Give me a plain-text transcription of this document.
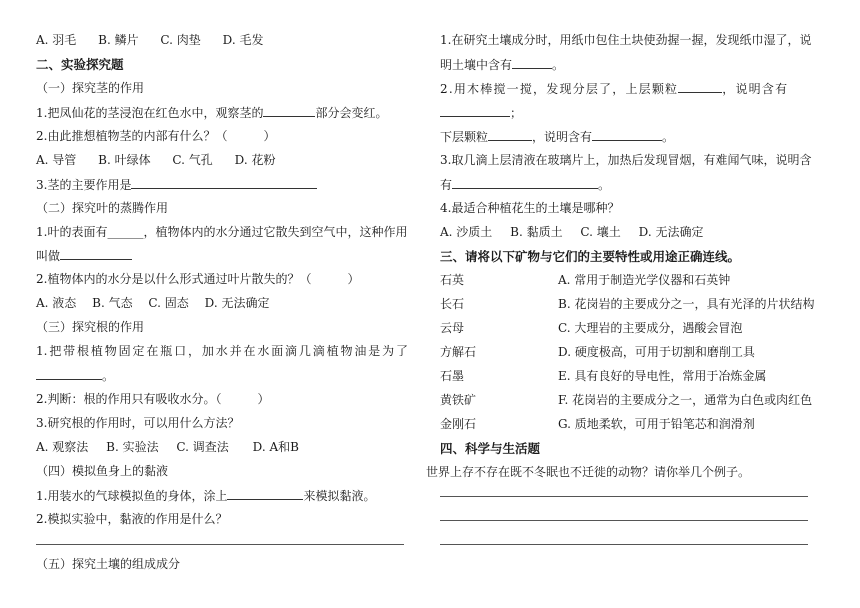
A. 羽毛 B. 鳞片 C. 肉垫 D. 毛发
二、实验探究题
（一）探究茎的作用
1.把凤仙花的茎浸泡在红色水中，观察茎的	部分会变红。
2.由此推想植物茎的内部有什么？（　　　）
A. 导管 B. 叶绿体 C. 气孔 D. 花粉
3.茎的主要作用是
（二）探究叶的蒸腾作用
1.叶的表面有______，植物体内的水分通过它散失到空气中，这种作用
叫做
2.植物体内的水分是以什么形式通过叶片散失的？（　　　）
A. 液态 B. 气态 C. 固态 D. 无法确定
（三）探究根的作用
1.把带根植物固定在瓶口，加水并在水面滴几滴植物油是为了
。
2.判断：根的作用只有吸收水分。（　　　）
3.研究根的作用时，可以用什么方法？
A. 观察法 B. 实验法 C. 调查法 D. A和B
（四）模拟鱼身上的黏液
1.用装水的气球模拟鱼的身体，涂上	来模拟黏液。
2.模拟实验中，黏液的作用是什么？
（五）探究土壤的组成成分
1.在研究土壤成分时，用纸巾包住土块使劲握一握，发现纸巾湿了，说
明土壤中含有	。
2.用木棒搅一搅，发现分层了，上层颗粒	，说明含有
；
下层颗粒	，说明含有	。
3.取几滴上层清液在玻璃片上，加热后发现冒烟，有难闻气味，说明含
有	。
4.最适合种植花生的土壤是哪种？
A. 沙质土 B. 黏质土 C. 壤土 D. 无法确定
三、请将以下矿物与它们的主要特性或用途正确连线。
石英	A. 常用于制造光学仪器和石英钟
长石	B. 花岗岩的主要成分之一，具有光泽的片状结构
云母	C. 大理岩的主要成分，遇酸会冒泡
方解石	D. 硬度极高，可用于切割和磨削工具
石墨	E. 具有良好的导电性，常用于冶炼金属
黄铁矿	F. 花岗岩的主要成分之一，通常为白色或肉红色
金刚石	G. 质地柔软，可用于铅笔芯和润滑剂
四、科学与生活题
世界上存不存在既不冬眠也不迁徙的动物？请你举几个例子。
